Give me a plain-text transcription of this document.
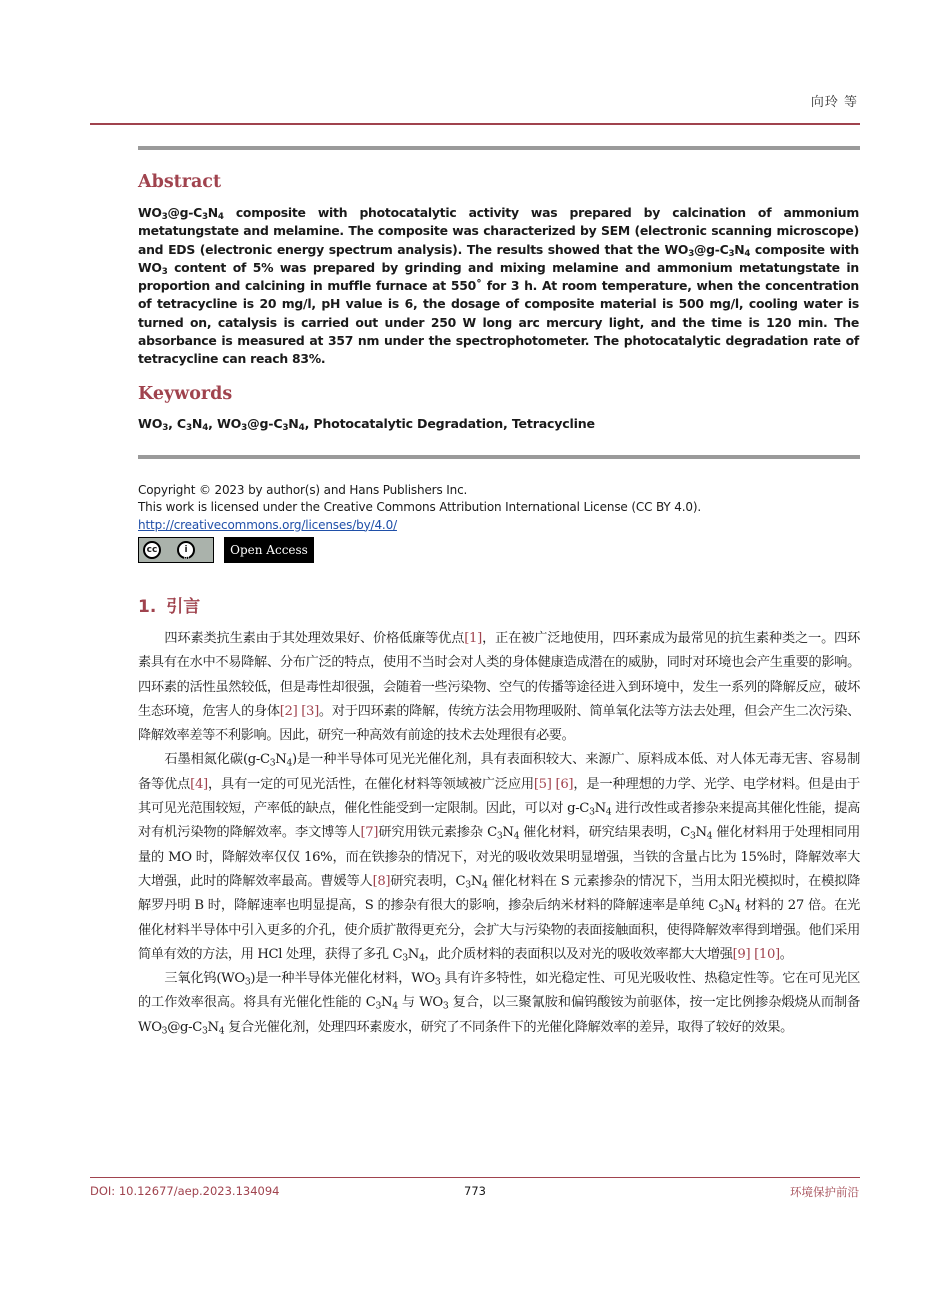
向玲 等
Abstract
$WO_3@g-C_3N_4$ composite with photocatalytic activity was prepared by calcination of ammonium metatungstate and melamine. The composite was characterized by SEM (electronic scanning microscope) and EDS (electronic energy spectrum analysis). The results showed that the $WO_3@g-C_3N_4$ composite with $WO_3$ content of 5% was prepared by grinding and mixing melamine and ammonium metatungstate in proportion and calcining in muffle furnace at 550˚ for 3 h. At room temperature, when the concentration of tetracycline is 20 mg/l, pH value is 6, the dosage of composite material is 500 mg/l, cooling water is turned on, catalysis is carried out under 250 W long arc mercury light, and the time is 120 min. The absorbance is measured at 357 nm under the spectrophotometer. The photocatalytic degradation rate of tetracycline can reach 83%.
Keywords
$WO_3$, $C_3N_4$, $WO_3@g-C_3N_4$, Photocatalytic Degradation, Tetracycline
Copyright © 2023 by author(s) and Hans Publishers Inc.
This work is licensed under the Creative Commons Attribution International License (CC BY 4.0).
http://creativecommons.org/licenses/by/4.0/
cc	i
BY
Open Access
1. 引言

四环素类抗生素由于其处理效果好、价格低廉等优点[1]，正在被广泛地使用，四环素成为最常见的抗生素种类之一。四环素具有在水中不易降解、分布广泛的特点，使用不当时会对人类的身体健康造成潜在的威胁，同时对环境也会产生重要的影响。四环素的活性虽然较低，但是毒性却很强，会随着一些污染物、空气的传播等途径进入到环境中，发生一系列的降解反应，破坏生态环境，危害人的身体[2] [3]。对于四环素的降解，传统方法会用物理吸附、简单氧化法等方法去处理，但会产生二次污染、降解效率差等不利影响。因此，研究一种高效有前途的技术去处理很有必要。

石墨相氮化碳$(g-C_3N_4)$是一种半导体可见光光催化剂，具有表面积较大、来源广、原料成本低、对人体无毒无害、容易制备等优点[4]，具有一定的可见光活性，在催化材料等领域被广泛应用[5] [6]，是一种理想的力学、光学、电学材料。但是由于其可见光范围较短，产率低的缺点，催化性能受到一定限制。因此，可以对 $g-C_3N_4$ 进行改性或者掺杂来提高其催化性能，提高对有机污染物的降解效率。李文博等人[7]研究用铁元素掺杂 $C_3N_4$ 催化材料，研究结果表明，$C_3N_4$ 催化材料用于处理相同用量的 MO 时，降解效率仅仅 16%，而在铁掺杂的情况下，对光的吸收效果明显增强，当铁的含量占比为 15%时，降解效率大大增强，此时的降解效率最高。曹媛等人[8]研究表明，$C_3N_4$ 催化材料在 S 元素掺杂的情况下，当用太阳光模拟时，在模拟降解罗丹明 B 时，降解速率也明显提高，S 的掺杂有很大的影响，掺杂后纳米材料的降解速率是单纯 $C_3N_4$ 材料的 27 倍。在光催化材料半导体中引入更多的介孔，使介质扩散得更充分，会扩大与污染物的表面接触面积，使得降解效率得到增强。他们采用简单有效的方法，用 HCl 处理，获得了多孔 $C_3N_4$，此介质材料的表面积以及对光的吸收效率都大大增强[9] [10]。

三氧化钨$(WO_3)$是一种半导体光催化材料，$WO_3$ 具有许多特性，如光稳定性、可见光吸收性、热稳定性等。它在可见光区的工作效率很高。将具有光催化性能的 $C_3N_4$ 与 $WO_3$ 复合，以三聚氰胺和偏钨酸铵为前驱体，按一定比例掺杂煅烧从而制备 $WO_3@g-C_3N_4$ 复合光催化剂，处理四环素废水，研究了不同条件下的光催化降解效率的差异，取得了较好的效果。

DOI: 10.12677/aep.2023.134094	773	环境保护前沿
